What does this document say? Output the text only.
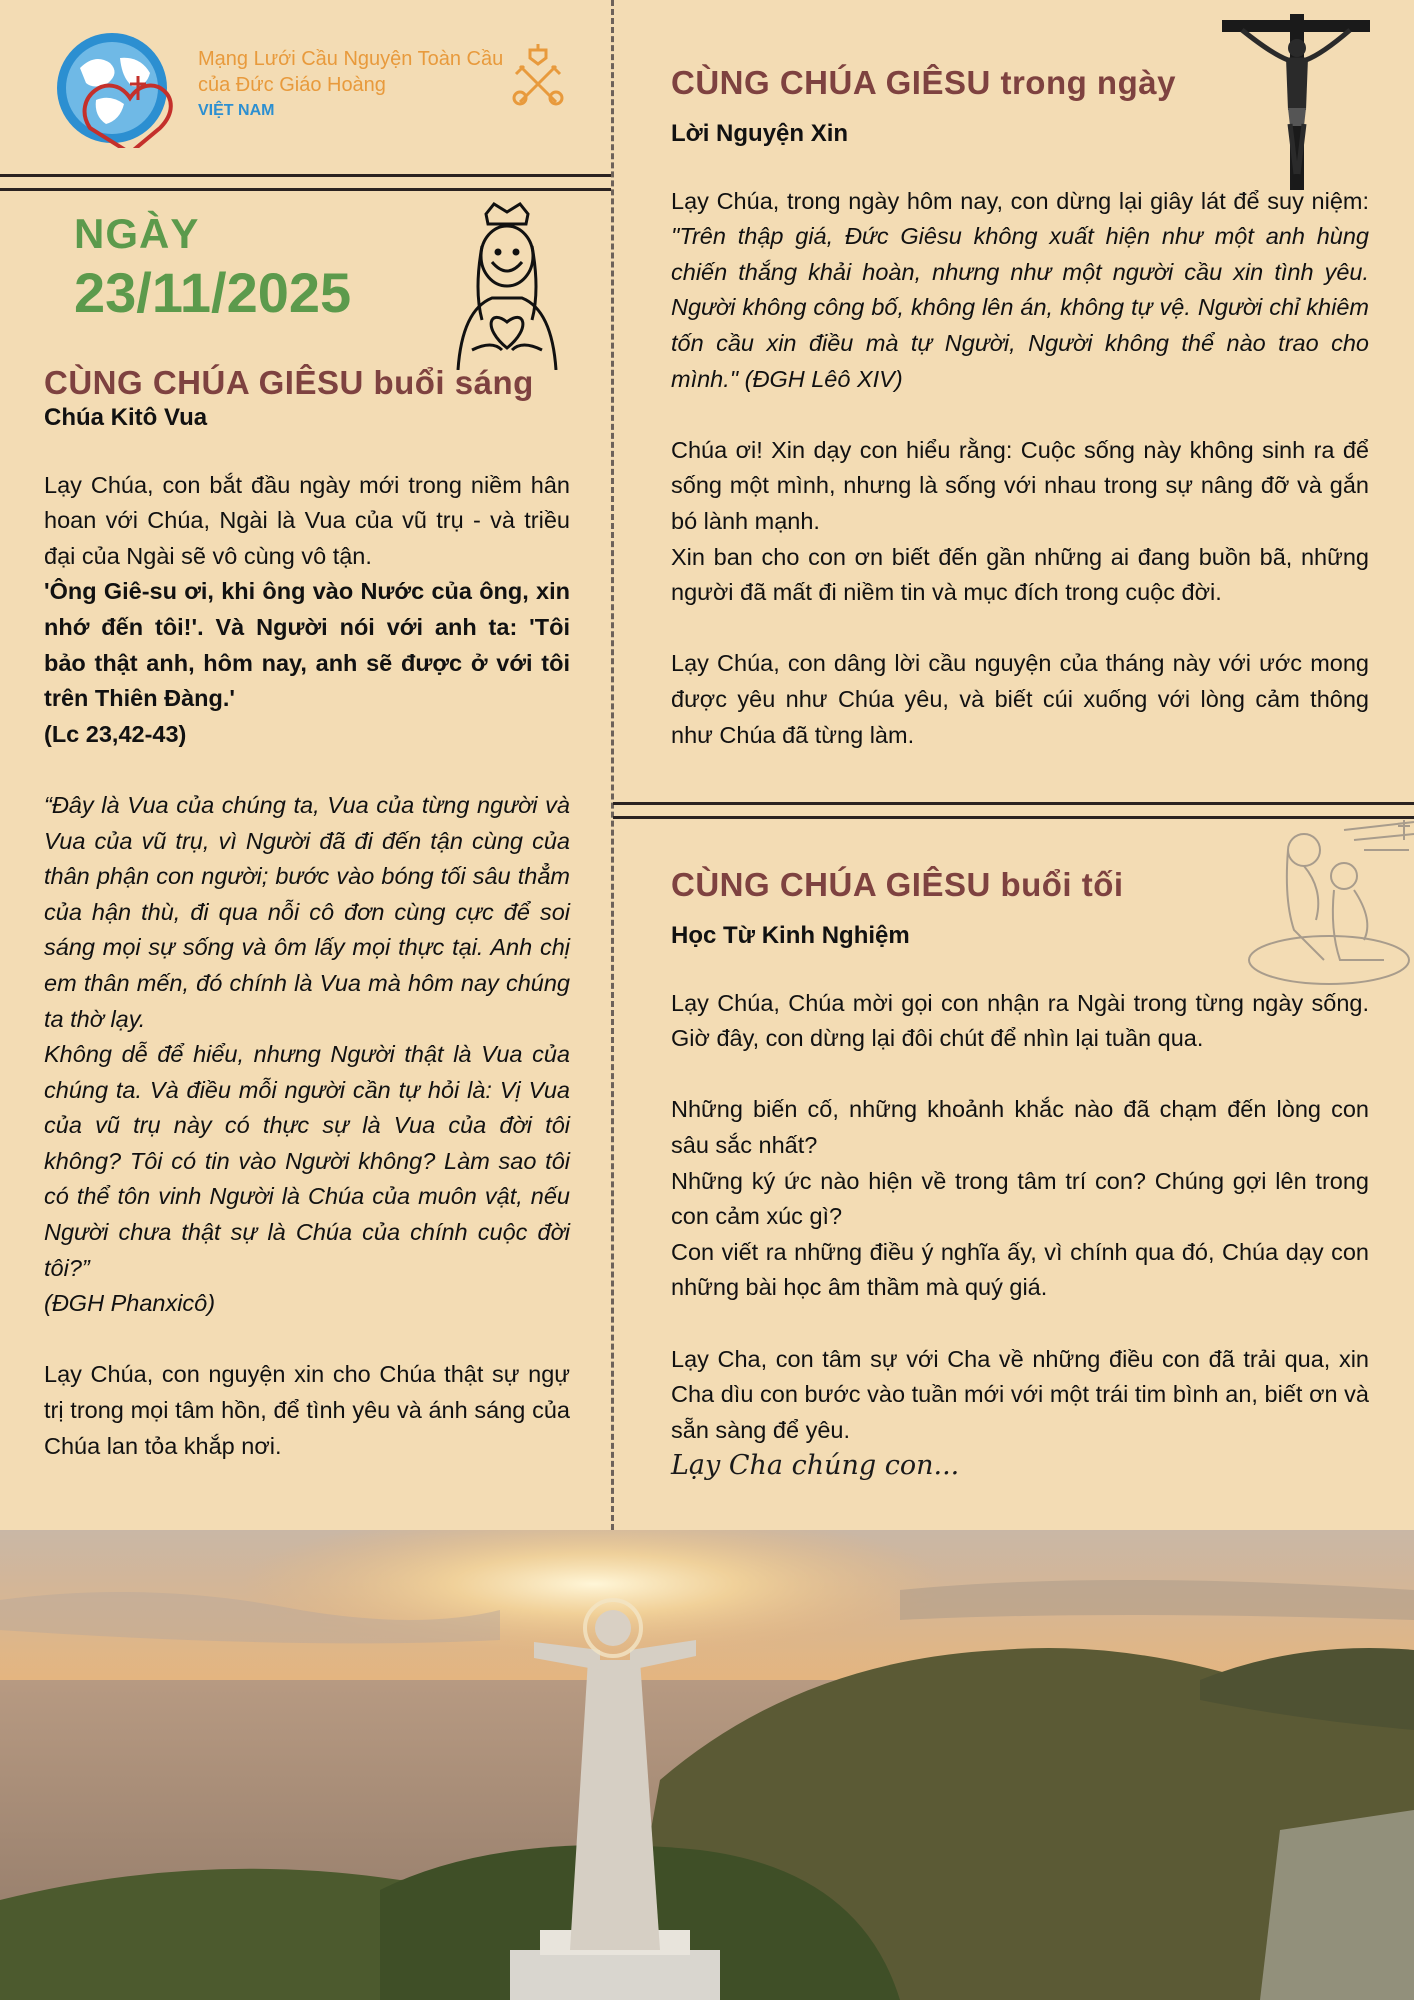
Mạng Lưới Cầu Nguyện Toàn Cầu
của Đức Giáo Hoàng
VIỆT NAM
NGÀY
23/11/2025
CÙNG CHÚA GIÊSU buổi sáng
Chúa Kitô Vua
Lạy Chúa, con bắt đầu ngày mới trong niềm hân hoan với Chúa, Ngài là Vua của vũ trụ - và triều đại của Ngài sẽ vô cùng vô tận.
'Ông Giê-su ơi, khi ông vào Nước của ông, xin nhớ đến tôi!'. Và Người nói với anh ta: 'Tôi bảo thật anh, hôm nay, anh sẽ được ở với tôi trên Thiên Đàng.'
(Lc 23,42-43)
“Đây là Vua của chúng ta, Vua của từng người và Vua của vũ trụ, vì Người đã đi đến tận cùng của thân phận con người; bước vào bóng tối sâu thẳm của hận thù, đi qua nỗi cô đơn cùng cực để soi sáng mọi sự sống và ôm lấy mọi thực tại. Anh chị em thân mến, đó chính là Vua mà hôm nay chúng ta thờ lạy.
Không dễ để hiểu, nhưng Người thật là Vua của chúng ta. Và điều mỗi người cần tự hỏi là: Vị Vua của vũ trụ này có thực sự là Vua của đời tôi không? Tôi có tin vào Người không? Làm sao tôi có thể tôn vinh Người là Chúa của muôn vật, nếu Người chưa thật sự là Chúa của chính cuộc đời tôi?”
(ĐGH Phanxicô)
Lạy Chúa, con nguyện xin cho Chúa thật sự ngự trị trong mọi tâm hồn, để tình yêu và ánh sáng của Chúa lan tỏa khắp nơi.
CÙNG CHÚA GIÊSU trong ngày
Lời Nguyện Xin
Lạy Chúa, trong ngày hôm nay, con dừng lại giây lát để suy niệm: "Trên thập giá, Đức Giêsu không xuất hiện như một anh hùng chiến thắng khải hoàn, nhưng như một người cầu xin tình yêu. Người không công bố, không lên án, không tự vệ. Người chỉ khiêm tốn cầu xin điều mà tự Người, Người không thể nào trao cho mình." (ĐGH Lêô XIV)
Chúa ơi! Xin dạy con hiểu rằng: Cuộc sống này không sinh ra để sống một mình, nhưng là sống với nhau trong sự nâng đỡ và gắn bó lành mạnh.
Xin ban cho con ơn biết đến gần những ai đang buồn bã, những người đã mất đi niềm tin và mục đích trong cuộc đời.
Lạy Chúa, con dâng lời cầu nguyện của tháng này với ước mong được yêu như Chúa yêu, và biết cúi xuống với lòng cảm thông như Chúa đã từng làm.
CÙNG CHÚA GIÊSU buổi tối
Học Từ Kinh Nghiệm
Lạy Chúa, Chúa mời gọi con nhận ra Ngài trong từng ngày sống. Giờ đây, con dừng lại đôi chút để nhìn lại tuần qua.
Những biến cố, những khoảnh khắc nào đã chạm đến lòng con sâu sắc nhất?
Những ký ức nào hiện về trong tâm trí con? Chúng gợi lên trong con cảm xúc gì?
Con viết ra những điều ý nghĩa ấy, vì chính qua đó, Chúa dạy con những bài học âm thầm mà quý giá.
Lạy Cha, con tâm sự với Cha về những điều con đã trải qua, xin Cha dìu con bước vào tuần mới với một trái tim bình an, biết ơn và sẵn sàng để yêu.
Lạy Cha chúng con...
